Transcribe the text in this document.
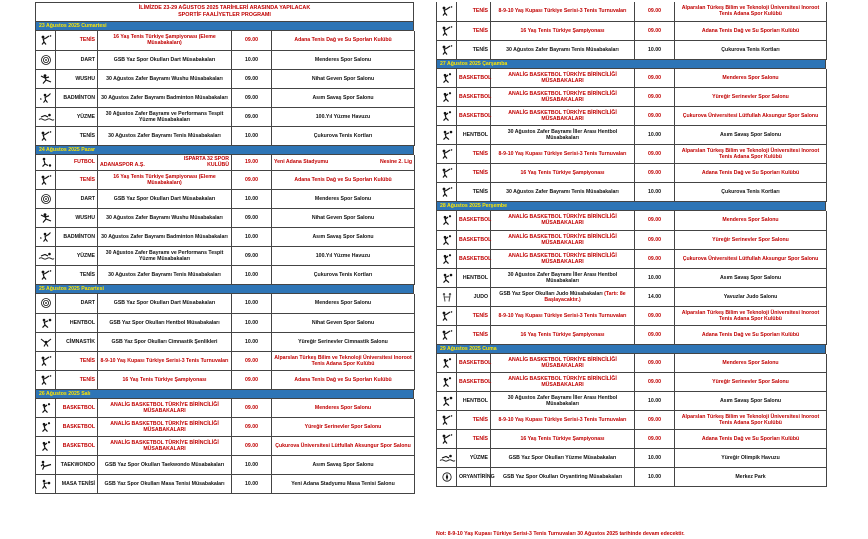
İLİMİZDE 23-29 AĞUSTOS 2025 TARİHLERİ ARASINDA YAPILACAK
SPORTİF FAALİYETLER PROGRAMI
23 Ağustos 2025 Cumartesi
	TENİS	16 Yaş Tenis Türkiye Şampiyonası (Eleme Müsabakaları)	09.00	Adana Tenis Dağ ve Su Sporları Kulübü

	DART	GSB Yaz Spor Okulları Dart Müsabakaları	10.00	Menderes Spor Salonu

	WUSHU	30 Ağustos Zafer Bayramı Wushu Müsabakaları	09.00	Nihat Geven Spor Salonu

	BADMİNTON	30 Ağustos Zafer Bayramı Badminton Müsabakaları	09.00	Asım Savaş Spor Salonu

	YÜZME	30 Ağustos Zafer Bayramı ve Performans Tespit Yüzme Müsabakaları	09.00	100.Yıl Yüzme Havuzu

	TENİS	30 Ağustos Zafer Bayramı Tenis Müsabakaları	10.00	Çukurova Tenis Kortları
24 Ağustos 2025 Pazar
	FUTBOL	ADANASPOR A.Ş.ISPARTA 32 SPOR KULÜBÜ	19.00	Yeni Adana Stadyumu Nesine 2. Lig

	TENİS	16 Yaş Tenis Türkiye Şampiyonası (Eleme Müsabakaları)	09.00	Adana Tenis Dağ ve Su Sporları Kulübü

	DART	GSB Yaz Spor Okulları Dart Müsabakaları	10.00	Menderes Spor Salonu

	WUSHU	30 Ağustos Zafer Bayramı Wushu Müsabakaları	09.00	Nihat Geven Spor Salonu

	BADMİNTON	30 Ağustos Zafer Bayramı Badminton Müsabakaları	10.00	Asım Savaş Spor Salonu

	YÜZME	30 Ağustos Zafer Bayramı ve Performans Tespit Yüzme Müsabakaları	09.00	100.Yıl Yüzme Havuzu

	TENİS	30 Ağustos Zafer Bayramı Tenis Müsabakaları	10.00	Çukurova Tenis Kortları
25 Ağustos 2025 Pazartesi
	DART	GSB Yaz Spor Okulları Dart Müsabakaları	10.00	Menderes Spor Salonu

	HENTBOL	GSB Yaz Spor Okulları Hentbol Müsabakaları	10.00	Nihat Geven Spor Salonu

	CİMNASTİK	GSB Yaz Spor Okulları Cimnastik Şenlikleri	10.00	Yüreğir Serinevler Cimnastik Salonu

	TENİS	8-9-10 Yaş Kupası Türkiye Serisi-3 Tenis Turnuvaları	09.00	Alparslan Türkeş Bilim ve Teknoloji Üniversitesi Inoroot Tenis Adana Spor Kulübü

	TENİS	16 Yaş Tenis Türkiye Şampiyonası	09.00	Adana Tenis Dağ ve Su Sporları Kulübü
26 Ağustos 2025 Salı
	BASKETBOL	ANALİG BASKETBOL TÜRKİYE BİRİNCİLİĞİ MÜSABAKALARI	09.00	Menderes Spor Salonu

	BASKETBOL	ANALİG BASKETBOL TÜRKİYE BİRİNCİLİĞİ MÜSABAKALARI	09.00	Yüreğir Serinevler Spor Salonu

	BASKETBOL	ANALİG BASKETBOL TÜRKİYE BİRİNCİLİĞİ MÜSABAKALARI	09.00	Çukurova Üniversitesi Lütfullah Aksungur Spor Salonu

	TAEKWONDO	GSB Yaz Spor Okulları Taekwondo Müsabakaları	10.00	Asım Savaş Spor Salonu

	MASA TENİSİ	GSB Yaz Spor Okulları Masa Tenisi Müsabakaları	10.00	Yeni Adana Stadyumu Masa Tenisi Salonu
	TENİS	8-9-10 Yaş Kupası Türkiye Serisi-3 Tenis Turnuvaları	09.00	Alparslan Türkeş Bilim ve Teknoloji Üniversitesi Inoroot Tenis Adana Spor Kulübü

	TENİS	16 Yaş Tenis Türkiye Şampiyonası	09.00	Adana Tenis Dağ ve Su Sporları Kulübü

	TENİS	30 Ağustos Zafer Bayramı Tenis Müsabakaları	10.00	Çukurova Tenis Kortları
27 Ağustos 2025 Çarşamba
	BASKETBOL	ANALİG BASKETBOL TÜRKİYE BİRİNCİLİĞİ MÜSABAKALARI	09.00	Menderes Spor Salonu

	BASKETBOL	ANALİG BASKETBOL TÜRKİYE BİRİNCİLİĞİ MÜSABAKALARI	09.00	Yüreğir Serinevler Spor Salonu

	BASKETBOL	ANALİG BASKETBOL TÜRKİYE BİRİNCİLİĞİ MÜSABAKALARI	09.00	Çukurova Üniversitesi Lütfullah Aksungur Spor Salonu

	HENTBOL	30 Ağustos Zafer Bayramı İller Arası Hentbol Müsabakaları	10.00	Asım Savaş Spor Salonu

	TENİS	8-9-10 Yaş Kupası Türkiye Serisi-3 Tenis Turnuvaları	09.00	Alparslan Türkeş Bilim ve Teknoloji Üniversitesi Inoroot Tenis Adana Spor Kulübü

	TENİS	16 Yaş Tenis Türkiye Şampiyonası	09.00	Adana Tenis Dağ ve Su Sporları Kulübü

	TENİS	30 Ağustos Zafer Bayramı Tenis Müsabakaları	10.00	Çukurova Tenis Kortları
28 Ağustos 2025 Perşembe
	BASKETBOL	ANALİG BASKETBOL TÜRKİYE BİRİNCİLİĞİ MÜSABAKALARI	09.00	Menderes Spor Salonu

	BASKETBOL	ANALİG BASKETBOL TÜRKİYE BİRİNCİLİĞİ MÜSABAKALARI	09.00	Yüreğir Serinevler Spor Salonu

	BASKETBOL	ANALİG BASKETBOL TÜRKİYE BİRİNCİLİĞİ MÜSABAKALARI	09.00	Çukurova Üniversitesi Lütfullah Aksungur Spor Salonu

	HENTBOL	30 Ağustos Zafer Bayramı İller Arası Hentbol Müsabakaları	10.00	Asım Savaş Spor Salonu

	JUDO	GSB Yaz Spor Okulları Judo Müsabakaları (Tartı: 8e Başlayacaktır.)	14.00	Yavuzlar Judo Salonu

	TENİS	8-9-10 Yaş Kupası Türkiye Serisi-3 Tenis Turnuvaları	09.00	Alparslan Türkeş Bilim ve Teknoloji Üniversitesi Inoroot Tenis Adana Spor Kulübü

	TENİS	16 Yaş Tenis Türkiye Şampiyonası	09.00	Adana Tenis Dağ ve Su Sporları Kulübü
29 Ağustos 2025 Cuma
	BASKETBOL	ANALİG BASKETBOL TÜRKİYE BİRİNCİLİĞİ MÜSABAKALARI	09.00	Menderes Spor Salonu

	BASKETBOL	ANALİG BASKETBOL TÜRKİYE BİRİNCİLİĞİ MÜSABAKALARI	09.00	Yüreğir Serinevler Spor Salonu

	HENTBOL	30 Ağustos Zafer Bayramı İller Arası Hentbol Müsabakaları	10.00	Asım Savaş Spor Salonu

	TENİS	8-9-10 Yaş Kupası Türkiye Serisi-3 Tenis Turnuvaları	09.00	Alparslan Türkeş Bilim ve Teknoloji Üniversitesi Inoroot Tenis Adana Spor Kulübü

	TENİS	16 Yaş Tenis Türkiye Şampiyonası	09.00	Adana Tenis Dağ ve Su Sporları Kulübü

	YÜZME	GSB Yaz Spor Okulları Yüzme Müsabakaları	10.00	Yüreğir Olimpik Havuzu

	ORYANTİRİNG	GSB Yaz Spor Okulları Oryantiring Müsabakaları	10.00	Merkez Park
Not: 8-9-10 Yaş Kupası Türkiye Serisi-3 Tenis Turnuvaları 30 Ağustos 2025 tarihinde devam edecektir.
